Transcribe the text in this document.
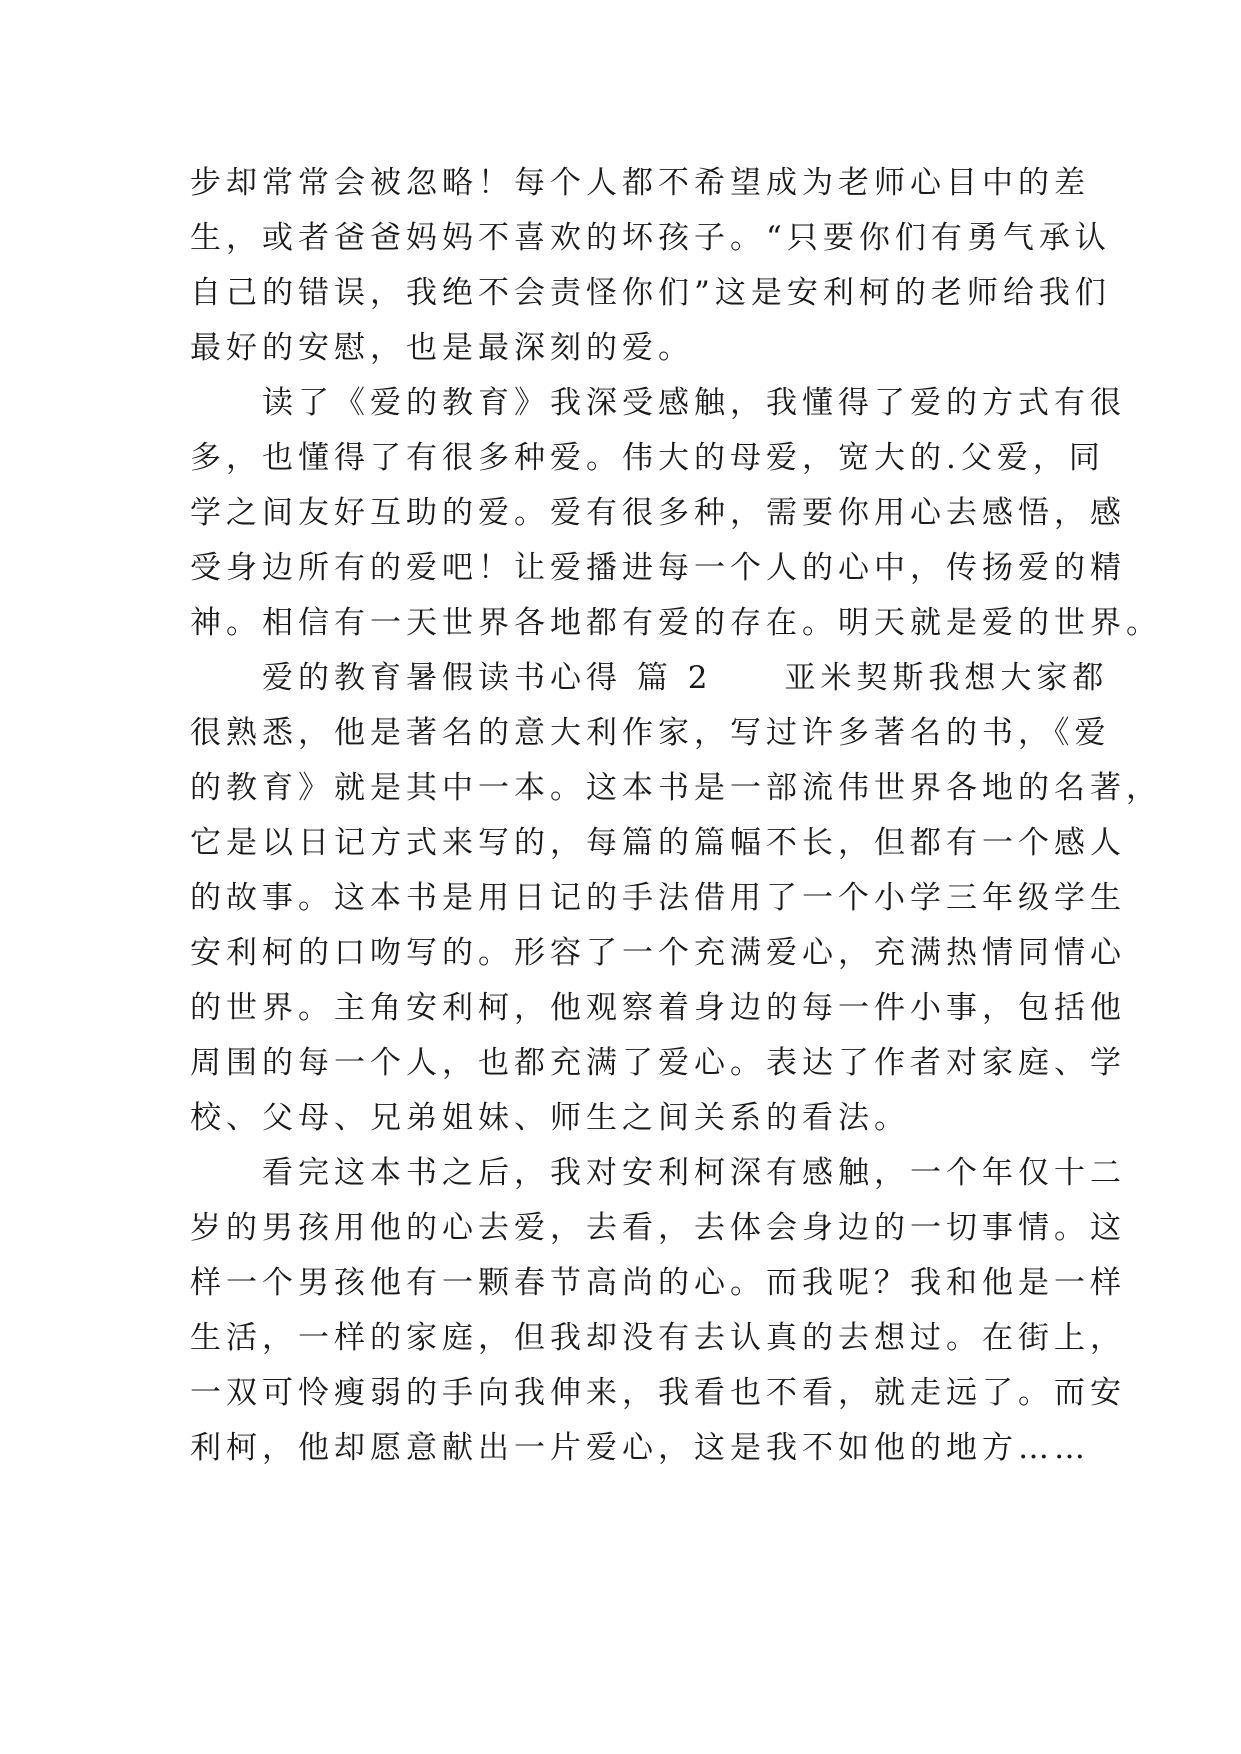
步却常常会被忽略！每个人都不希望成为老师心目中的差
生，或者爸爸妈妈不喜欢的坏孩子。“只要你们有勇气承认
自己的错误，我绝不会责怪你们”这是安利柯的老师给我们
最好的安慰，也是最深刻的爱。
读了《爱的教育》我深受感触，我懂得了爱的方式有很
多，也懂得了有很多种爱。伟大的母爱，宽大的.父爱，同
学之间友好互助的爱。爱有很多种，需要你用心去感悟，感
受身边所有的爱吧！让爱播进每一个人的心中，传扬爱的精
神。相信有一天世界各地都有爱的存在。明天就是爱的世界。
爱的教育暑假读书心得 篇 2 亚米契斯我想大家都
很熟悉，他是著名的意大利作家，写过许多著名的书，《爱
的教育》就是其中一本。这本书是一部流伟世界各地的名著，
它是以日记方式来写的，每篇的篇幅不长，但都有一个感人
的故事。这本书是用日记的手法借用了一个小学三年级学生
安利柯的口吻写的。形容了一个充满爱心，充满热情同情心
的世界。主角安利柯，他观察着身边的每一件小事，包括他
周围的每一个人，也都充满了爱心。表达了作者对家庭、学
校、父母、兄弟姐妹、师生之间关系的看法。
看完这本书之后，我对安利柯深有感触，一个年仅十二
岁的男孩用他的心去爱，去看，去体会身边的一切事情。这
样一个男孩他有一颗春节高尚的心。而我呢？我和他是一样
生活，一样的家庭，但我却没有去认真的去想过。在街上，
一双可怜瘦弱的手向我伸来，我看也不看，就走远了。而安
利柯，他却愿意献出一片爱心，这是我不如他的地方……
